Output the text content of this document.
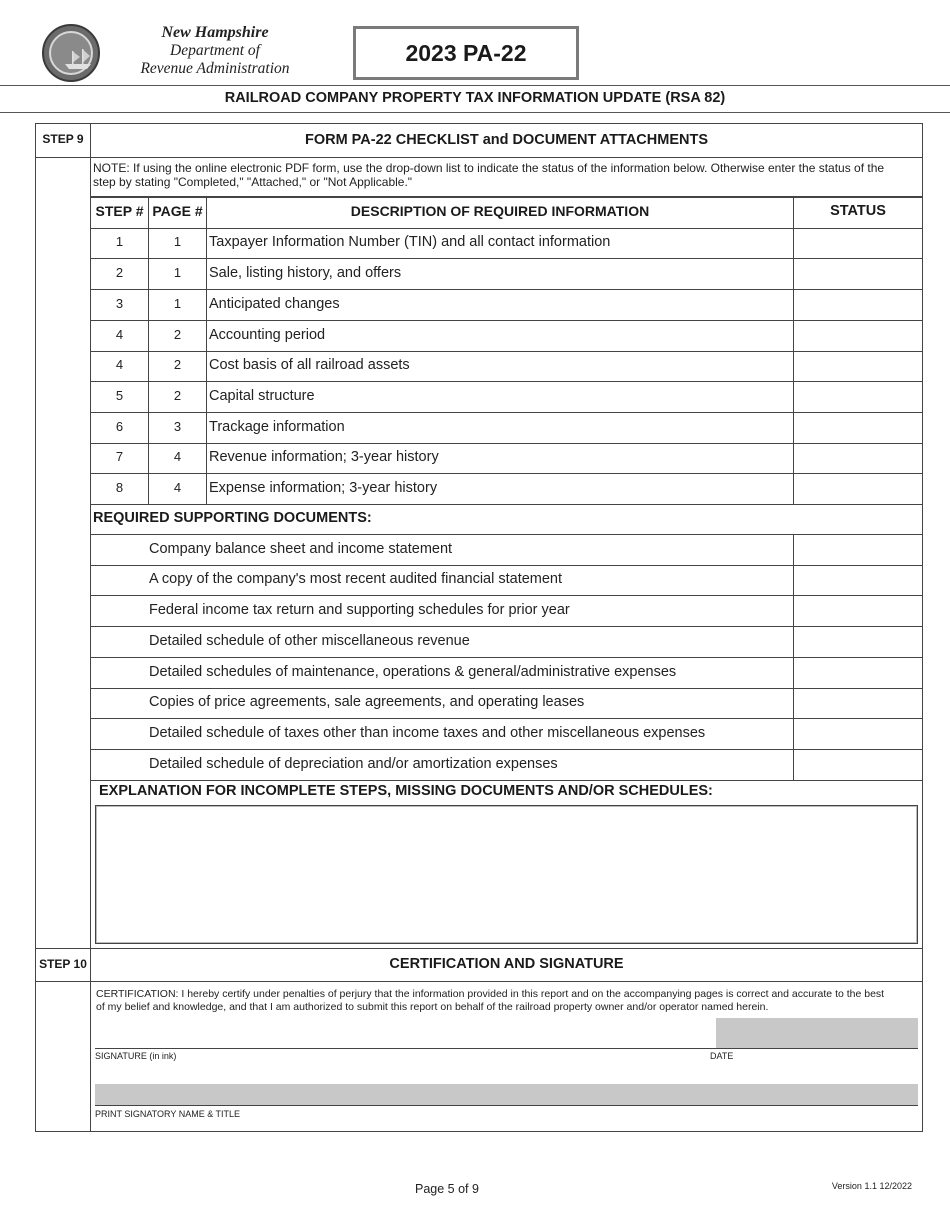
New Hampshire
Department of
Revenue Administration
2023 PA-22
RAILROAD COMPANY PROPERTY TAX INFORMATION UPDATE (RSA 82)
STEP 9	FORM PA-22 CHECKLIST and DOCUMENT ATTACHMENTS
NOTE: If using the online electronic PDF form, use the drop-down list to indicate the status of the information below. Otherwise enter the status of the
step by stating "Completed," "Attached," or "Not Applicable."
STEP # PAGE #	DESCRIPTION OF REQUIRED INFORMATION	STATUS
1	1	Taxpayer Information Number (TIN) and all contact information
2	1	Sale, listing history, and offers
3	1	Anticipated changes
4	2	Accounting period
4	2	Cost basis of all railroad assets
5	2	Capital structure
6	3	Trackage information
7	4	Revenue information; 3-year history
8	4	Expense information; 3-year history
REQUIRED SUPPORTING DOCUMENTS:
Company balance sheet and income statement
A copy of the company's most recent audited financial statement
Federal income tax return and supporting schedules for prior year
Detailed schedule of other miscellaneous revenue
Detailed schedules of maintenance, operations & general/administrative expenses
Copies of price agreements, sale agreements, and operating leases
Detailed schedule of taxes other than income taxes and other miscellaneous expenses
Detailed schedule of depreciation and/or amortization expenses
EXPLANATION FOR INCOMPLETE STEPS, MISSING DOCUMENTS AND/OR SCHEDULES:
STEP 10	CERTIFICATION AND SIGNATURE
CERTIFICATION: I hereby certify under penalties of perjury that the information provided in this report and on the accompanying pages is correct and accurate to the best
of my belief and knowledge, and that I am authorized to submit this report on behalf of the railroad property owner and/or operator named herein.
SIGNATURE (in ink)	DATE
PRINT SIGNATORY NAME & TITLE
Page 5 of 9	Version 1.1 12/2022
